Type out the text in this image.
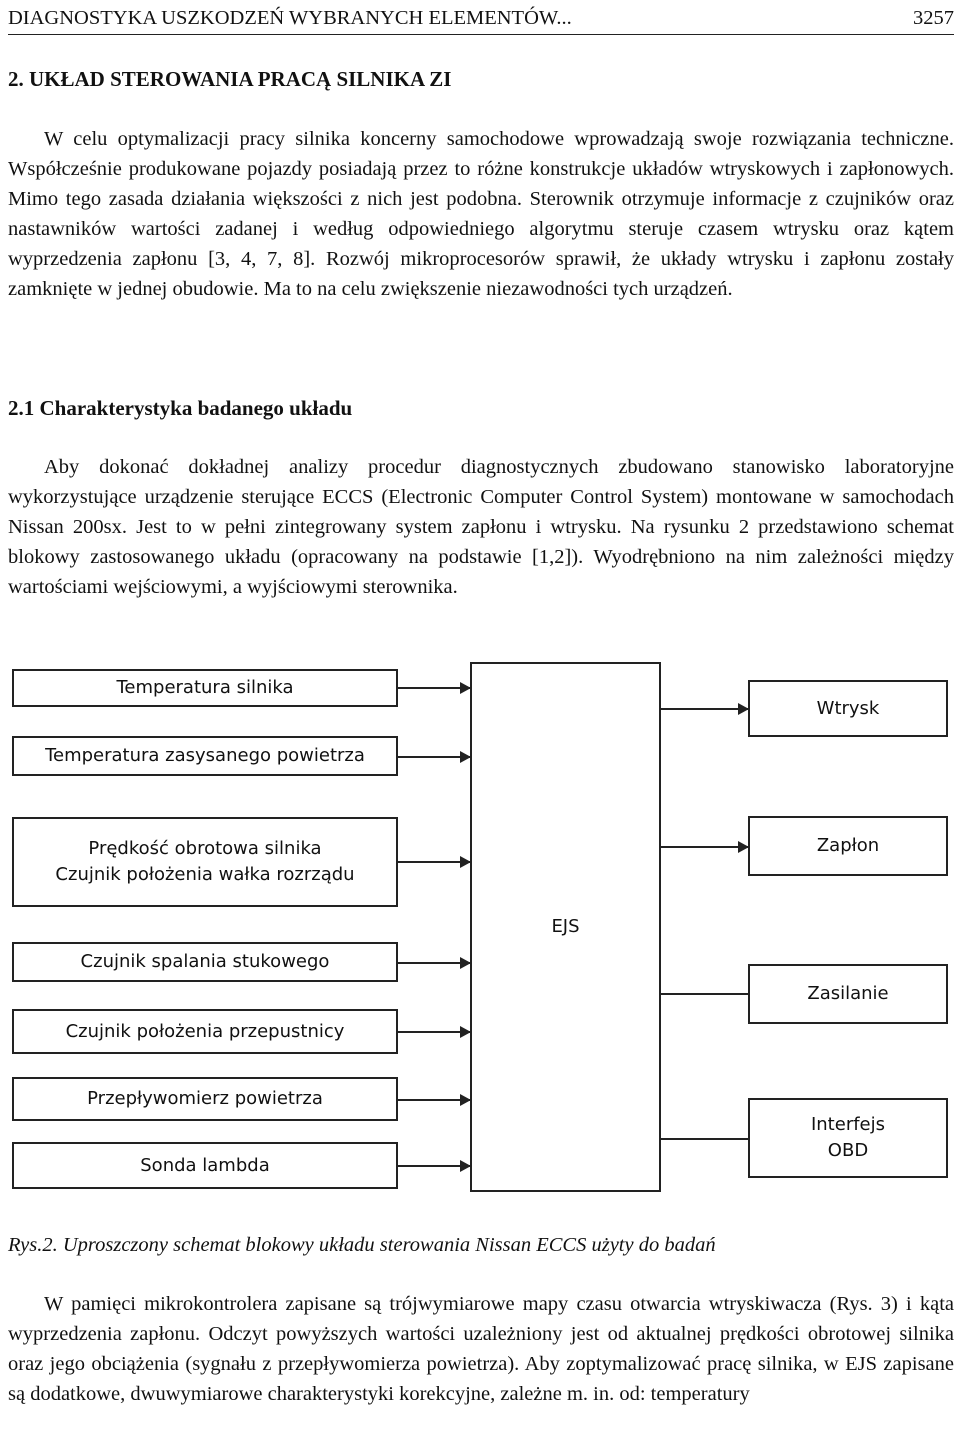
DIAGNOSTYKA USZKODZEŃ WYBRANYCH ELEMENTÓW...	3257
2. UKŁAD STEROWANIA PRACĄ SILNIKA ZI

W celu optymalizacji pracy silnika koncerny samochodowe wprowadzają swoje rozwiązania techniczne. Współcześnie produkowane pojazdy posiadają przez to różne konstrukcje układów wtryskowych i zapłonowych. Mimo tego zasada działania większości z nich jest podobna. Sterownik otrzymuje informacje z czujników oraz nastawników wartości zadanej i według odpowiedniego algorytmu steruje czasem wtrysku oraz kątem wyprzedzenia zapłonu [3, 4, 7, 8]. Rozwój mikroprocesorów sprawił, że układy wtrysku i zapłonu zostały zamknięte w jednej obudowie. Ma to na celu zwiększenie niezawodności tych urządzeń.

2.1 Charakterystyka badanego układu

Aby dokonać dokładnej analizy procedur diagnostycznych zbudowano stanowisko laboratoryjne wykorzystujące urządzenie sterujące ECCS (Electronic Computer Control System) montowane w samochodach Nissan 200sx. Jest to w pełni zintegrowany system zapłonu i wtrysku. Na rysunku 2 przedstawiono schemat blokowy zastosowanego układu (opracowany na podstawie [1,2]). Wyodrębniono na nim zależności między wartościami wejściowymi, a wyjściowymi sterownika.

EJS
Temperatura silnika
Temperatura zasysanego powietrza
Prędkość obrotowa silnika
Czujnik położenia wałka rozrządu
Czujnik spalania stukowego
Czujnik położenia przepustnicy
Przepływomierz powietrza
Sonda lambda
Wtrysk
Zapłon
Zasilanie
Interfejs
OBD
Rys.2. Uproszczony schemat blokowy układu sterowania Nissan ECCS użyty do badań

W pamięci mikrokontrolera zapisane są trójwymiarowe mapy czasu otwarcia wtryskiwacza (Rys. 3) i kąta wyprzedzenia zapłonu. Odczyt powyższych wartości uzależniony jest od aktualnej prędkości obrotowej silnika oraz jego obciążenia (sygnału z przepływomierza powietrza). Aby zoptymalizować pracę silnika, w EJS zapisane są dodatkowe, dwuwymiarowe charakterystyki korekcyjne, zależne m. in. od: temperatury
